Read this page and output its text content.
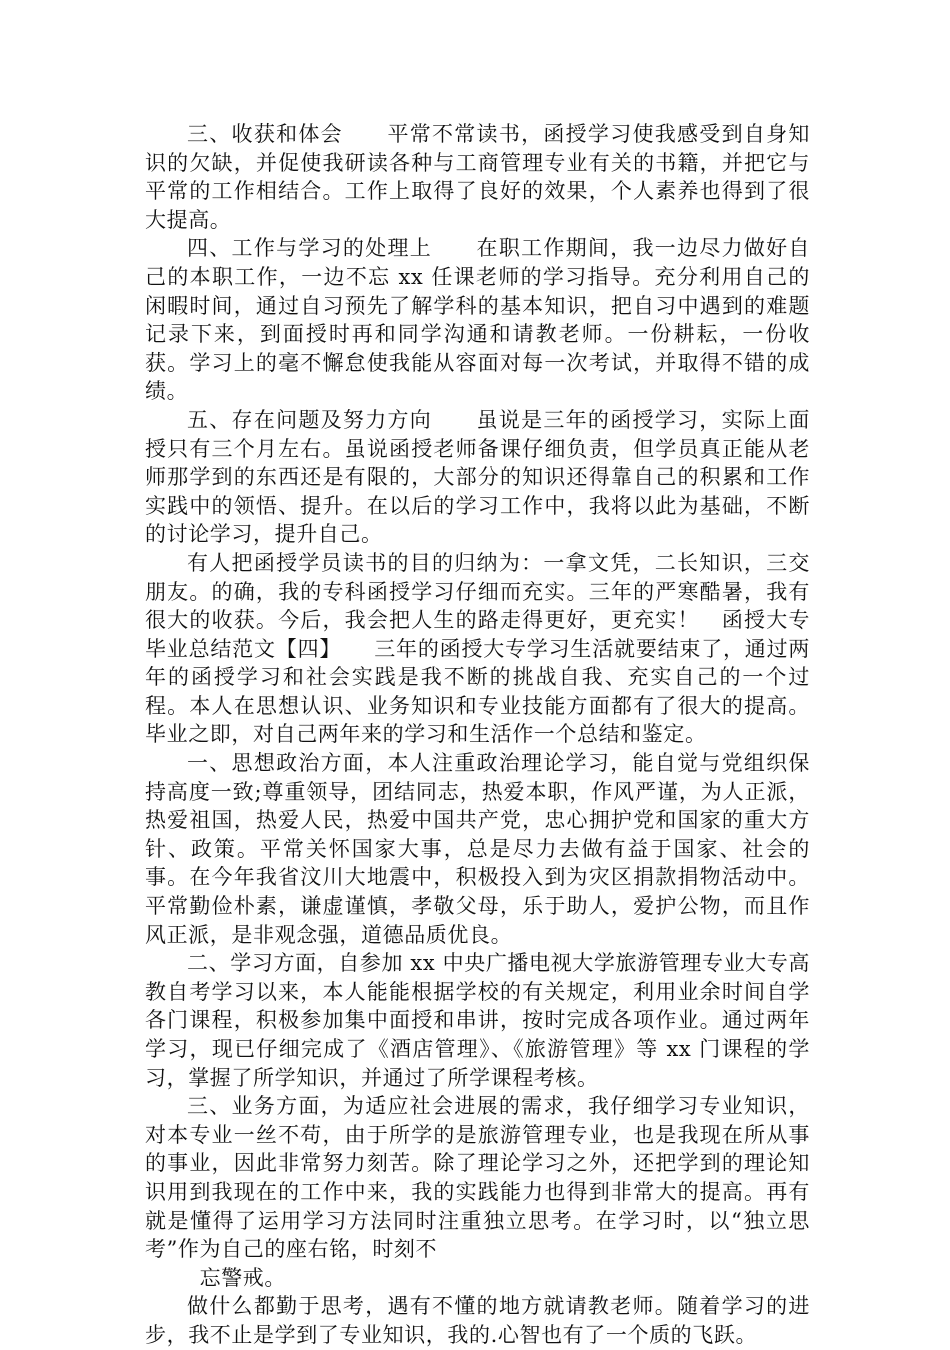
三、收获和体会　　平常不常读书，函授学习使我感受到自身知识的欠缺，并促使我研读各种与工商管理专业有关的书籍，并把它与平常的工作相结合。工作上取得了良好的效果，个人素养也得到了很大提高。

四、工作与学习的处理上　　在职工作期间，我一边尽力做好自己的本职工作，一边不忘 xx 任课老师的学习指导。充分利用自己的闲暇时间，通过自习预先了解学科的基本知识，把自习中遇到的难题记录下来，到面授时再和同学沟通和请教老师。一份耕耘，一份收获。学习上的毫不懈怠使我能从容面对每一次考试，并取得不错的成绩。

五、存在问题及努力方向　　虽说是三年的函授学习，实际上面授只有三个月左右。虽说函授老师备课仔细负责，但学员真正能从老师那学到的东西还是有限的，大部分的知识还得靠自己的积累和工作实践中的领悟、提升。在以后的学习工作中，我将以此为基础，不断的讨论学习，提升自己。

有人把函授学员读书的目的归纳为：一拿文凭，二长知识，三交朋友。的确，我的专科函授学习仔细而充实。三年的严寒酷暑，我有很大的收获。今后，我会把人生的路走得更好，更充实！　函授大专毕业总结范文【四】　　三年的函授大专学习生活就要结束了，通过两年的函授学习和社会实践是我不断的挑战自我、充实自己的一个过程。本人在思想认识、业务知识和专业技能方面都有了很大的提高。毕业之即，对自己两年来的学习和生活作一个总结和鉴定。

一、思想政治方面，本人注重政治理论学习，能自觉与党组织保持高度一致;尊重领导，团结同志，热爱本职，作风严谨，为人正派，热爱祖国，热爱人民，热爱中国共产党，忠心拥护党和国家的重大方针、政策。平常关怀国家大事，总是尽力去做有益于国家、社会的事。在今年我省汶川大地震中，积极投入到为灾区捐款捐物活动中。平常勤俭朴素，谦虚谨慎，孝敬父母，乐于助人，爱护公物，而且作风正派，是非观念强，道德品质优良。

二、学习方面，自参加 xx 中央广播电视大学旅游管理专业大专高教自考学习以来，本人能能根据学校的有关规定，利用业余时间自学各门课程，积极参加集中面授和串讲，按时完成各项作业。通过两年学习，现已仔细完成了《酒店管理》、《旅游管理》等 xx 门课程的学习，掌握了所学知识，并通过了所学课程考核。

三、业务方面，为适应社会进展的需求，我仔细学习专业知识，对本专业一丝不苟，由于所学的是旅游管理专业，也是我现在所从事的事业，因此非常努力刻苦。除了理论学习之外，还把学到的理论知识用到我现在的工作中来，我的实践能力也得到非常大的提高。再有就是懂得了运用学习方法同时注重独立思考。在学习时，以“独立思考”作为自己的座右铭，时刻不

忘警戒。

做什么都勤于思考，遇有不懂的地方就请教老师。随着学习的进步，我不止是学到了专业知识，我的.心智也有了一个质的飞跃。
